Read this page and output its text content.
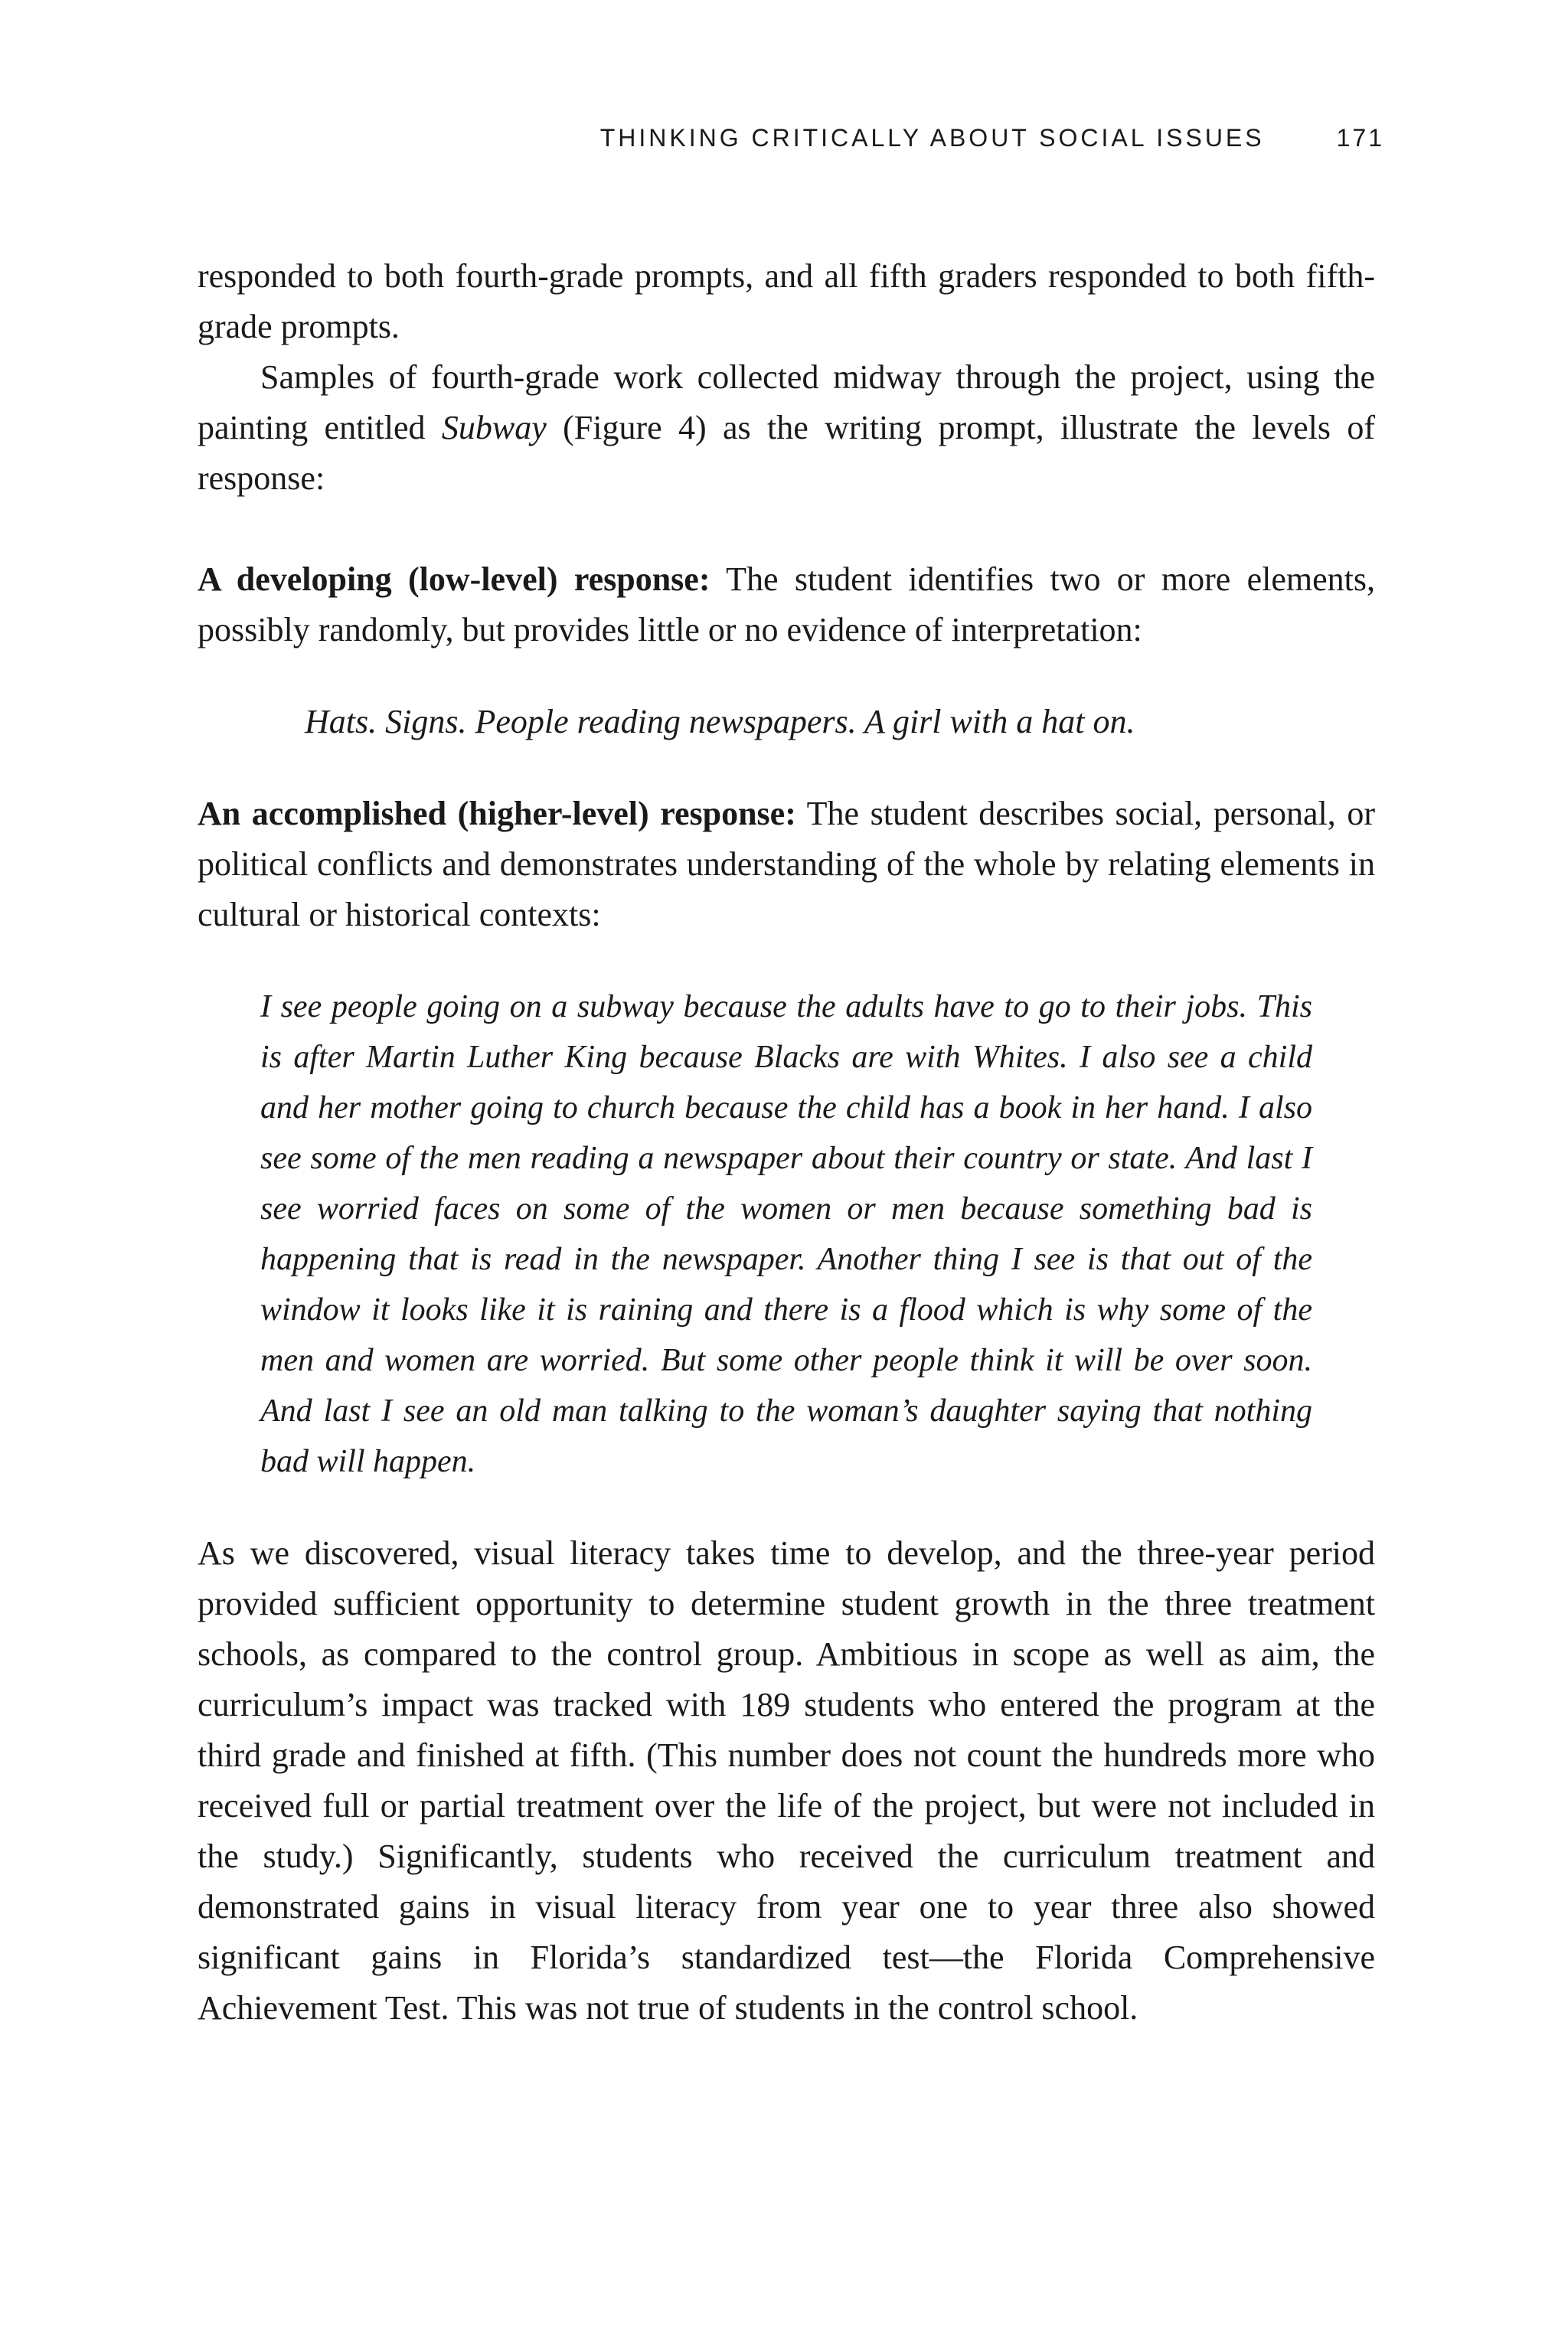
THINKING CRITICALLY ABOUT SOCIAL ISSUES	171

responded to both fourth-grade prompts, and all fifth graders responded to both fifth-grade prompts.

Samples of fourth-grade work collected midway through the project, using the painting entitled Subway (Figure 4) as the writing prompt, illustrate the levels of response:

A developing (low-level) response: The student identifies two or more elements, possibly randomly, but provides little or no evidence of interpretation:

Hats. Signs. People reading newspapers. A girl with a hat on.

An accomplished (higher-level) response: The student describes social, personal, or political conflicts and demonstrates understanding of the whole by relating elements in cultural or historical contexts:

I see people going on a subway because the adults have to go to their jobs. This is after Martin Luther King because Blacks are with Whites. I also see a child and her mother going to church because the child has a book in her hand. I also see some of the men reading a newspaper about their country or state. And last I see worried faces on some of the women or men because something bad is happening that is read in the newspaper. Another thing I see is that out of the window it looks like it is raining and there is a flood which is why some of the men and women are worried. But some other people think it will be over soon. And last I see an old man talking to the woman’s daughter saying that nothing bad will happen.

As we discovered, visual literacy takes time to develop, and the three-year period provided sufficient opportunity to determine student growth in the three treatment schools, as compared to the control group. Ambitious in scope as well as aim, the curriculum’s impact was tracked with 189 students who entered the program at the third grade and finished at fifth. (This number does not count the hundreds more who received full or partial treatment over the life of the project, but were not included in the study.) Significantly, students who received the curriculum treatment and demonstrated gains in visual literacy from year one to year three also showed significant gains in Florida’s standardized test—the Florida Comprehensive Achievement Test. This was not true of students in the control school.
